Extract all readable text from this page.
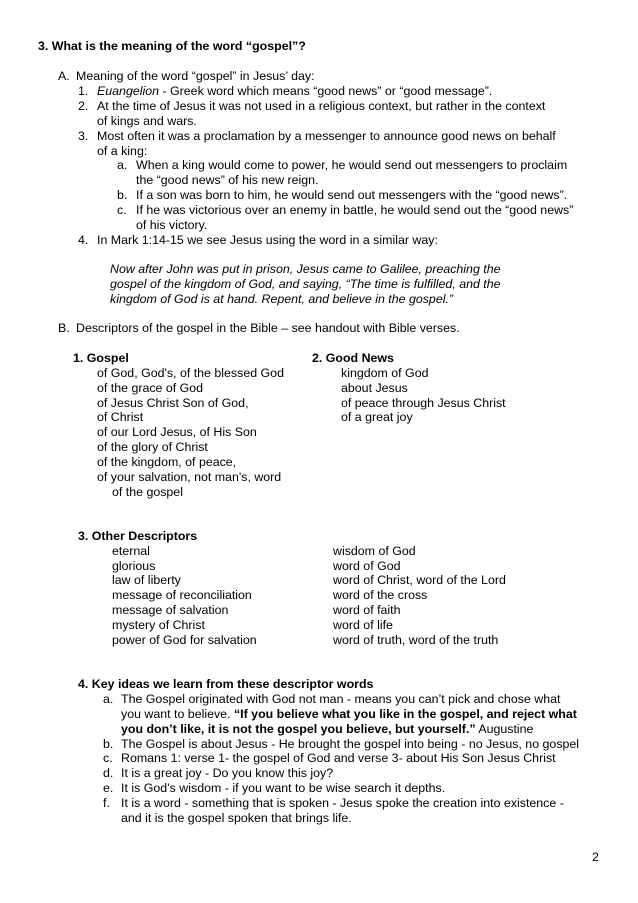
3. What is the meaning of the word “gospel”?
A. Meaning of the word “gospel” in Jesus’ day:
1. Euangelion - Greek word which means “good news” or “good message”.
2. At the time of Jesus it was not used in a religious context, but rather in the context
of kings and wars.
3. Most often it was a proclamation by a messenger to announce good news on behalf
of a king:
a. When a king would come to power, he would send out messengers to proclaim
the “good news” of his new reign.
b. If a son was born to him, he would send out messengers with the “good news”.
c. If he was victorious over an enemy in battle, he would send out the “good news”
of his victory.
4. In Mark 1:14-15 we see Jesus using the word in a similar way:
Now after John was put in prison, Jesus came to Galilee, preaching the
gospel of the kingdom of God, and saying, “The time is fulfilled, and the
kingdom of God is at hand. Repent, and believe in the gospel.”
B. Descriptors of the gospel in the Bible – see handout with Bible verses.
1. Gospel
of God, God's, of the blessed God
of the grace of God
of Jesus Christ Son of God,
of Christ
of our Lord Jesus, of His Son
of the glory of Christ
of the kingdom, of peace,
of your salvation, not man's, word
of the gospel
2. Good News
kingdom of God
about Jesus
of peace through Jesus Christ
of a great joy
3. Other Descriptors
eternal
glorious
law of liberty
message of reconciliation
message of salvation
mystery of Christ
power of God for salvation
wisdom of God
word of God
word of Christ, word of the Lord
word of the cross
word of faith
word of life
word of truth, word of the truth
4. Key ideas we learn from these descriptor words
a. The Gospel originated with God not man - means you can’t pick and chose what
you want to believe. “If you believe what you like in the gospel, and reject what
you don’t like, it is not the gospel you believe, but yourself.” Augustine
b. The Gospel is about Jesus - He brought the gospel into being - no Jesus, no gospel
c. Romans 1: verse 1- the gospel of God and verse 3- about His Son Jesus Christ
d. It is a great joy - Do you know this joy?
e. It is God’s wisdom - if you want to be wise search it depths.
f. It is a word - something that is spoken - Jesus spoke the creation into existence -
and it is the gospel spoken that brings life.
2
